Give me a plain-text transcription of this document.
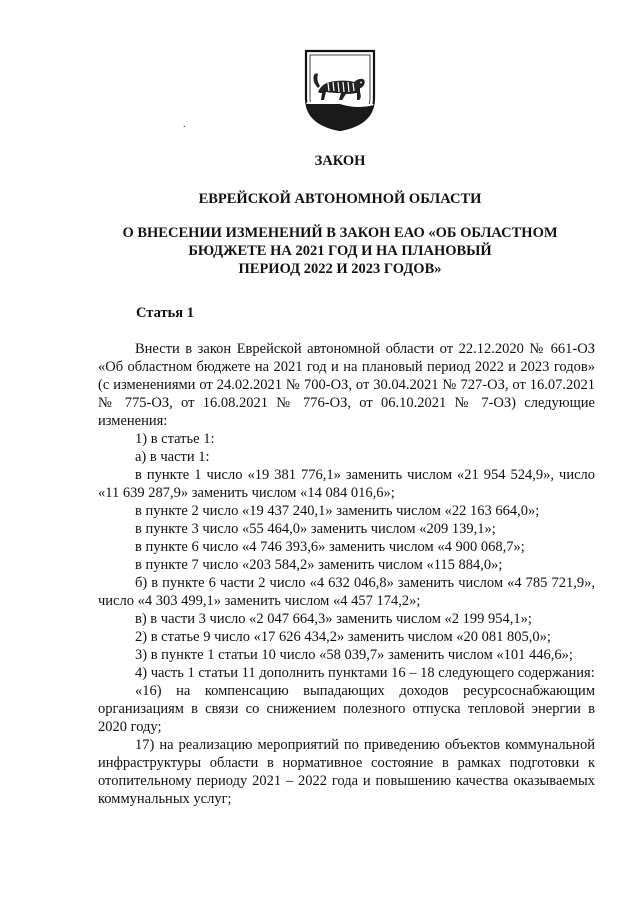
.
ЗАКОН
ЕВРЕЙСКОЙ АВТОНОМНОЙ ОБЛАСТИ
О ВНЕСЕНИИ ИЗМЕНЕНИЙ В ЗАКОН ЕАО «ОБ ОБЛАСТНОМ
БЮДЖЕТЕ НА 2021 ГОД И НА ПЛАНОВЫЙ
ПЕРИОД 2022 И 2023 ГОДОВ»
Статья 1

Внести в закон Еврейской автономной области от 22.12.2020 № 661-ОЗ «Об областном бюджете на 2021 год и на плановый период 2022 и 2023 годов» (с изменениями от 24.02.2021 № 700-ОЗ, от 30.04.2021 № 727-ОЗ, от 16.07.2021 № 775-ОЗ, от 16.08.2021 № 776-ОЗ, от 06.10.2021 № 7-ОЗ) следующие изменения:

1) в статье 1:

а) в части 1:

в пункте 1 число «19 381 776,1» заменить числом «21 954 524,9», число «11 639 287,9» заменить числом «14 084 016,6»;

в пункте 2 число «19 437 240,1» заменить числом «22 163 664,0»;

в пункте 3 число «55 464,0» заменить числом «209 139,1»;

в пункте 6 число «4 746 393,6» заменить числом «4 900 068,7»;

в пункте 7 число «203 584,2» заменить числом «115 884,0»;

б) в пункте 6 части 2 число «4 632 046,8» заменить числом «4 785 721,9», число «4 303 499,1» заменить числом «4 457 174,2»;

в) в части 3 число «2 047 664,3» заменить числом «2 199 954,1»;

2) в статье 9 число «17 626 434,2» заменить числом «20 081 805,0»;

3) в пункте 1 статьи 10 число «58 039,7» заменить числом «101 446,6»;

4) часть 1 статьи 11 дополнить пунктами 16 – 18 следующего содержания:

«16) на компенсацию выпадающих доходов ресурсоснабжающим организациям в связи со снижением полезного отпуска тепловой энергии в 2020 году;

17) на реализацию мероприятий по приведению объектов коммунальной инфраструктуры области в нормативное состояние в рамках подготовки к отопительному периоду 2021 – 2022 года и повышению качества оказываемых коммунальных услуг;
